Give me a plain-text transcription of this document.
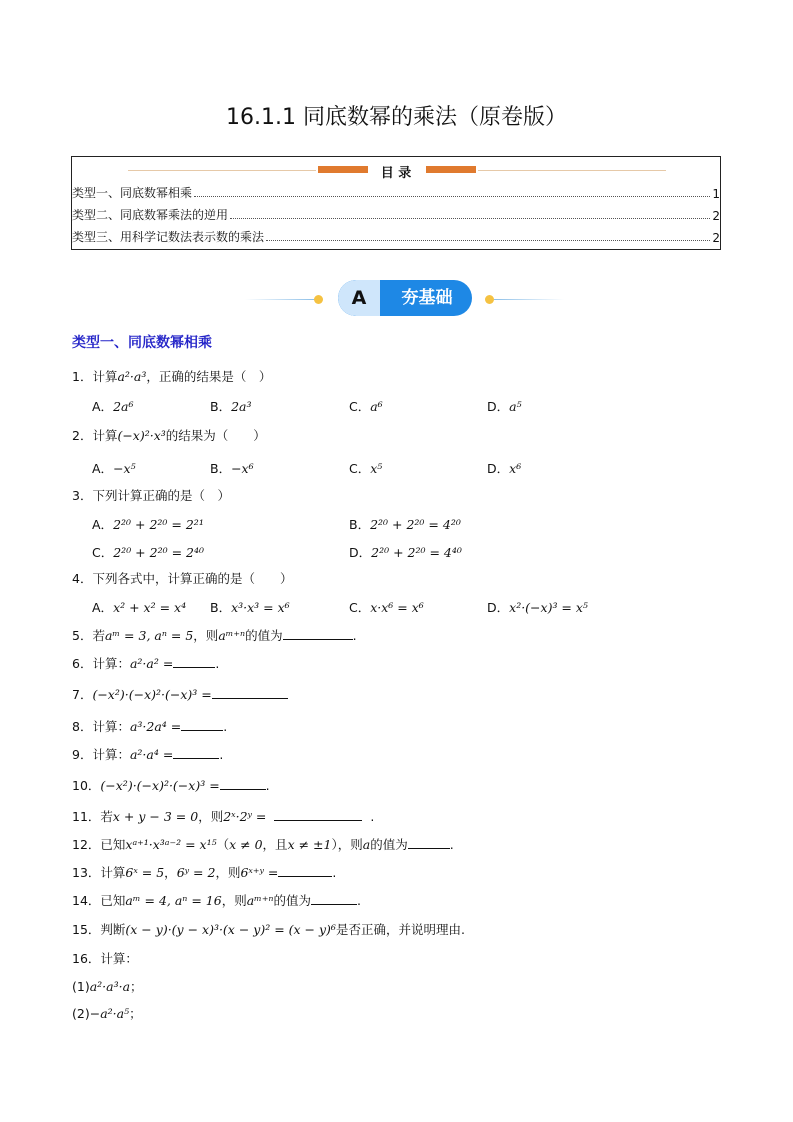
16.1.1 同底数幂的乘法（原卷版）
目 录
类型一、同底数幂相乘	1
类型二、同底数幂乘法的逆用	2
类型三、用科学记数法表示数的乘法	2
A	夯基础
类型一、同底数幂相乘
1．计算a²·a³，正确的结果是（　）
A．2a⁶	B．2a³	C．a⁶	D．a⁵
2．计算(−x)²·x³的结果为（　　）
A．−x⁵	B．−x⁶	C．x⁵	D．x⁶
3．下列计算正确的是（　）
A．2²⁰ + 2²⁰ = 2²¹	B．2²⁰ + 2²⁰ = 4²⁰
C．2²⁰ + 2²⁰ = 2⁴⁰	D．2²⁰ + 2²⁰ = 4⁴⁰
4．下列各式中，计算正确的是（　　）
A．x² + x² = x⁴ B．x³·x³ = x⁶	C．x·x⁶ = x⁶	D．x²·(−x)³ = x⁵
5．若aᵐ = 3, aⁿ = 5，则aᵐ⁺ⁿ的值为	.
6．计算：a²·a² =	.
7．(−x²)·(−x)²·(−x)³ =
8．计算：a³·2a⁴ =	.
9．计算：a²·a⁴ =	.
10．(−x²)·(−x)²·(−x)³ =	.
11．若x + y − 3 = 0，则2ˣ·2ʸ =	.
12．已知xᵃ⁺¹·x³ᵃ⁻² = x¹⁵（x ≠ 0，且x ≠ ±1），则a的值为	.
13．计算6ˣ = 5，6ʸ = 2，则6ˣ⁺ʸ =	.
14．已知aᵐ = 4, aⁿ = 16，则aᵐ⁺ⁿ的值为	.
15．判断(x − y)·(y − x)³·(x − y)² = (x − y)⁶是否正确，并说明理由.
16．计算：
(1)a²·a³·a；
(2)−a²·a⁵；
